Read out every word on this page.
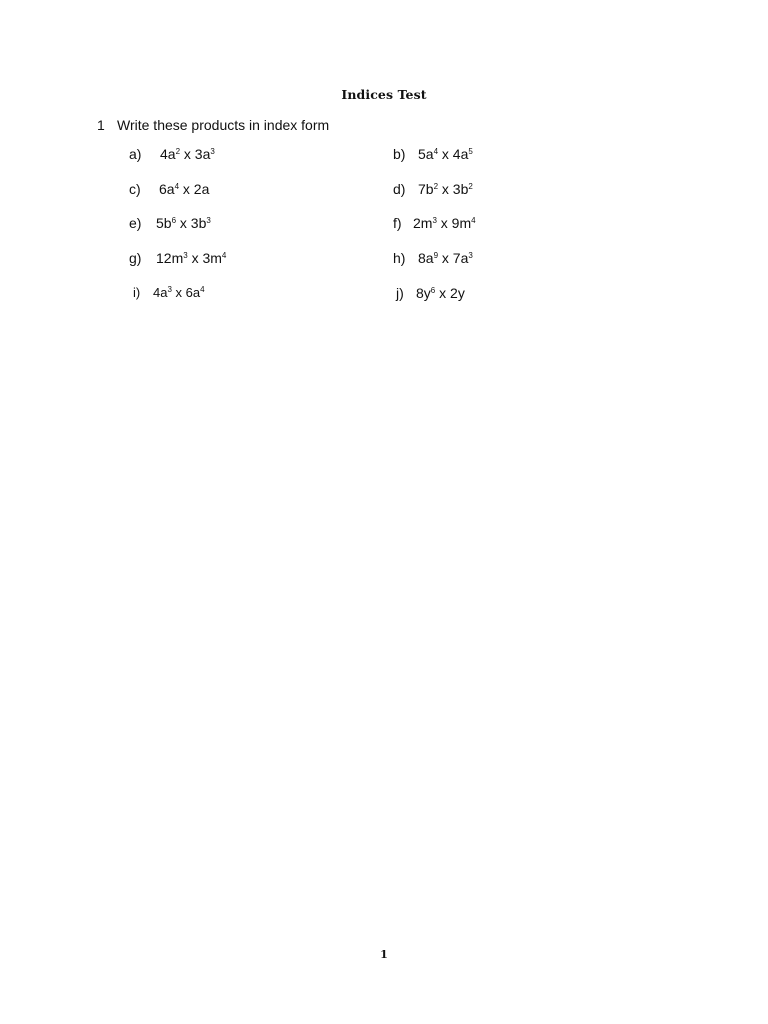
Indices Test
1 Write these products in index form
a) $4a^2$ x $3a^3$	b) $5a^4$ x $4a^5$
c) $6a^4$ x 2a	d) $7b^2$ x $3b^2$
e) $5b^6$ x $3b^3$	f) $2m^3$ x $9m^4$
g) $12m^3$ x $3m^4$	h) $8a^9$ x $7a^3$
i) $4a^3$ x $6a^4$	j) $8y^6$ x 2y
1
